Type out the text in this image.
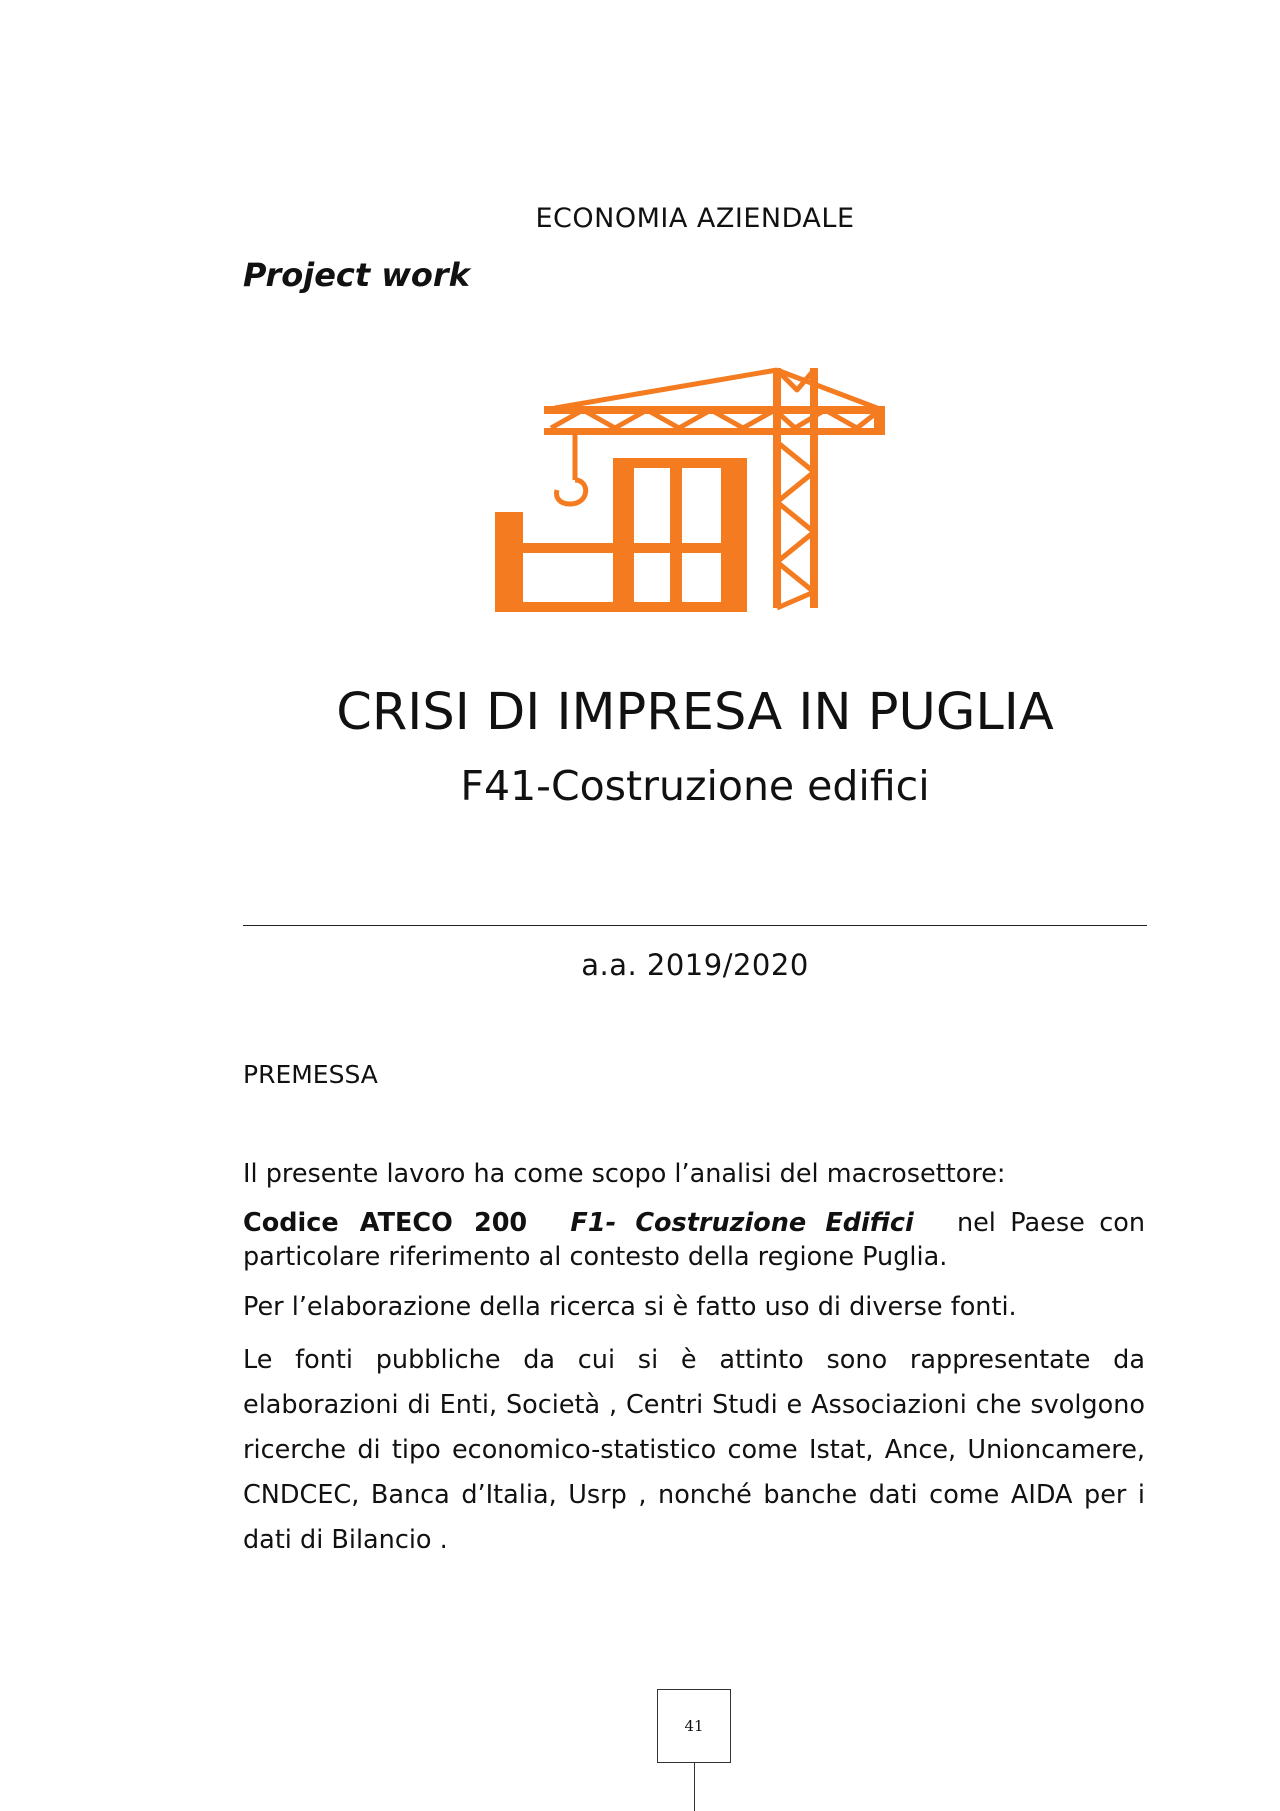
ECONOMIA AZIENDALE
Project work
CRISI DI IMPRESA IN PUGLIA
F41-Costruzione edifici
a.a. 2019/2020
PREMESSA
Il presente lavoro ha come scopo l’analisi del macrosettore:
Codice ATECO 200 F1- Costruzione Edifici nel Paese con particolare riferimento al contesto della regione Puglia.
Per l’elaborazione della ricerca si è fatto uso di diverse fonti.
Le fonti pubbliche da cui si è attinto sono rappresentate da elaborazioni di Enti, Società , Centri Studi e Associazioni che svolgono ricerche di tipo economico-statistico come Istat, Ance, Unioncamere, CNDCEC, Banca d’Italia, Usrp , nonché banche dati come AIDA per i dati di Bilancio .
41
